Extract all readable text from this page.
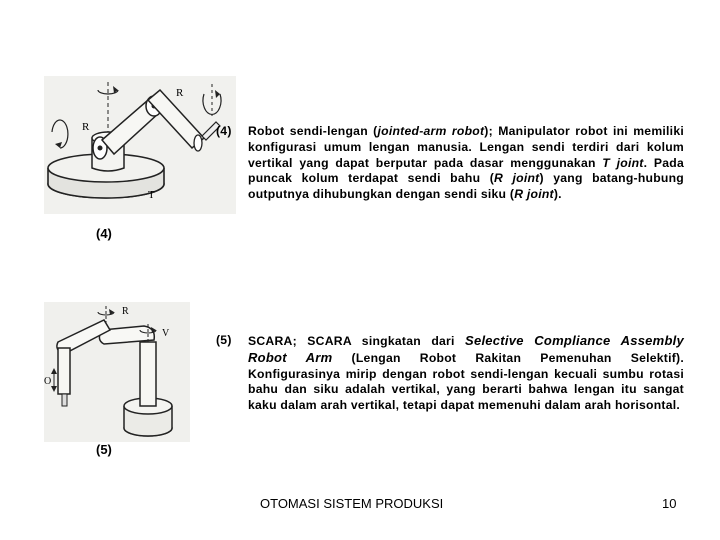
R
T
R
(4)
R
V
O
(5)
(4) Robot sendi-lengan (jointed-arm robot); Manipulator robot ini memiliki konfigurasi umum lengan manusia. Lengan sendi terdiri dari kolum vertikal yang dapat berputar pada dasar menggunakan T joint. Pada puncak kolum terdapat sendi bahu (R joint) yang batang-hubung outputnya dihubungkan dengan sendi siku (R joint).
(5) SCARA; SCARA singkatan dari Selective Compliance Assembly Robot Arm (Lengan Robot Rakitan Pemenuhan Selektif). Konfigurasinya mirip dengan robot sendi-lengan kecuali sumbu rotasi bahu dan siku adalah vertikal, yang berarti bahwa lengan itu sangat kaku dalam arah vertikal, tetapi dapat memenuhi dalam arah horisontal.
OTOMASI SISTEM PRODUKSI	10
